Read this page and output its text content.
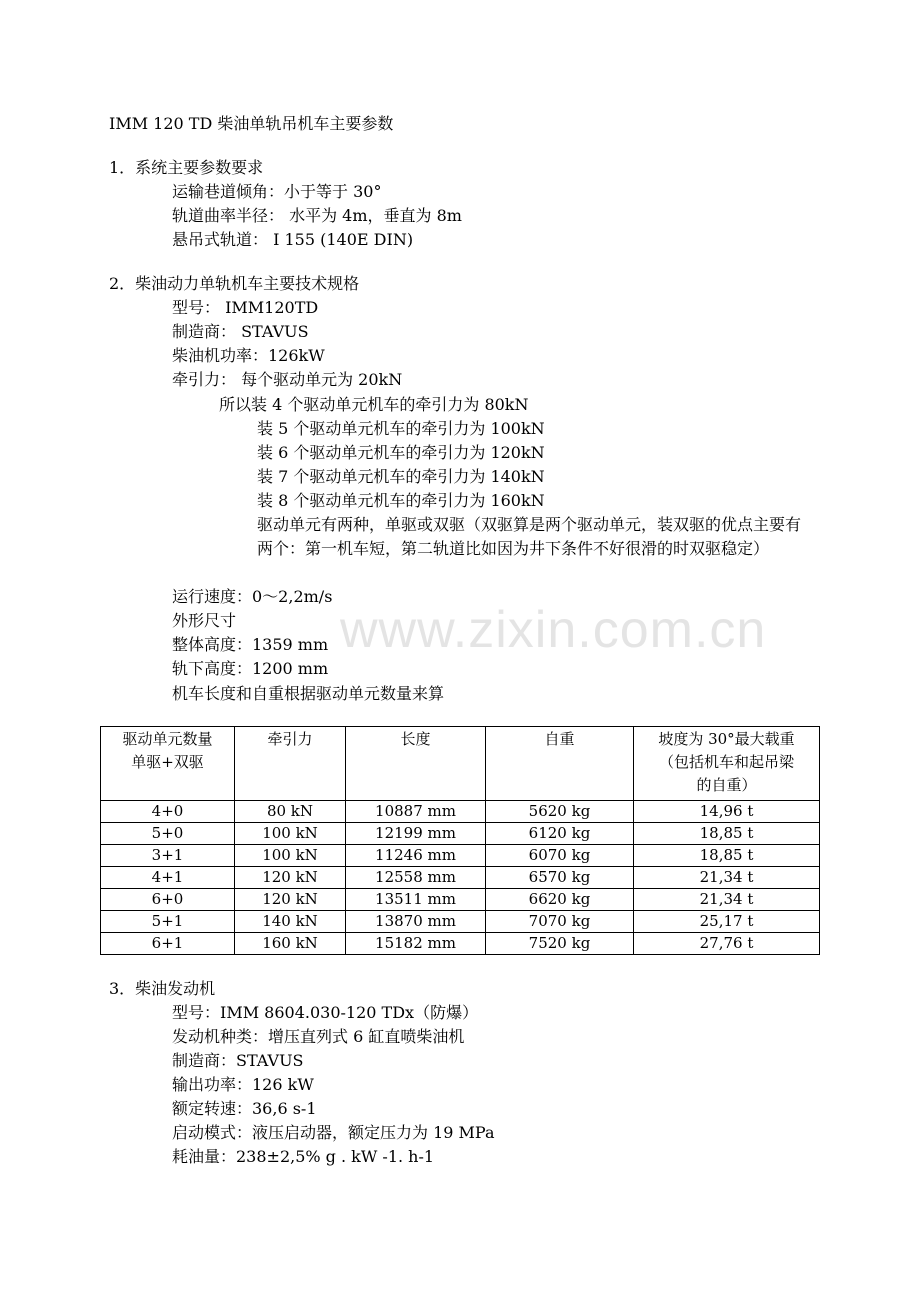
www.zixin.com.cn
IMM 120 TD 柴油单轨吊机车主要参数
1．系统主要参数要求
运输巷道倾角：小于等于 30°
轨道曲率半径： 水平为 4m，垂直为 8m
悬吊式轨道： I 155 (140E DIN)
2．柴油动力单轨机车主要技术规格
型号： IMM120TD
制造商： STAVUS
柴油机功率：126kW
牵引力： 每个驱动单元为 20kN
所以装 4 个驱动单元机车的牵引力为 80kN
装 5 个驱动单元机车的牵引力为 100kN
装 6 个驱动单元机车的牵引力为 120kN
装 7 个驱动单元机车的牵引力为 140kN
装 8 个驱动单元机车的牵引力为 160kN
驱动单元有两种，单驱或双驱（双驱算是两个驱动单元，装双驱的优点主要有两个：第一机车短，第二轨道比如因为井下条件不好很滑的时双驱稳定）
运行速度：0～2,2m/s
外形尺寸
整体高度：1359 mm
轨下高度：1200 mm
机车长度和自重根据驱动单元数量来算
驱动单元数量
单驱+双驱	牵引力	长度	自重	坡度为 30°最大载重
（包括机车和起吊梁
的自重）

4+0	80 kN	10887 mm	5620 kg	14,96 t
5+0	100 kN	12199 mm	6120 kg	18,85 t
3+1	100 kN	11246 mm	6070 kg	18,85 t
4+1	120 kN	12558 mm	6570 kg	21,34 t
6+0	120 kN	13511 mm	6620 kg	21,34 t
5+1	140 kN	13870 mm	7070 kg	25,17 t
6+1	160 kN	15182 mm	7520 kg	27,76 t
3．柴油发动机
型号：IMM 8604.030-120 TDx（防爆）
发动机种类：增压直列式 6 缸直喷柴油机
制造商：STAVUS
输出功率：126 kW
额定转速：36,6 s-1
启动模式：液压启动器，额定压力为 19 MPa
耗油量：238±2,5% g . kW -1. h-1
